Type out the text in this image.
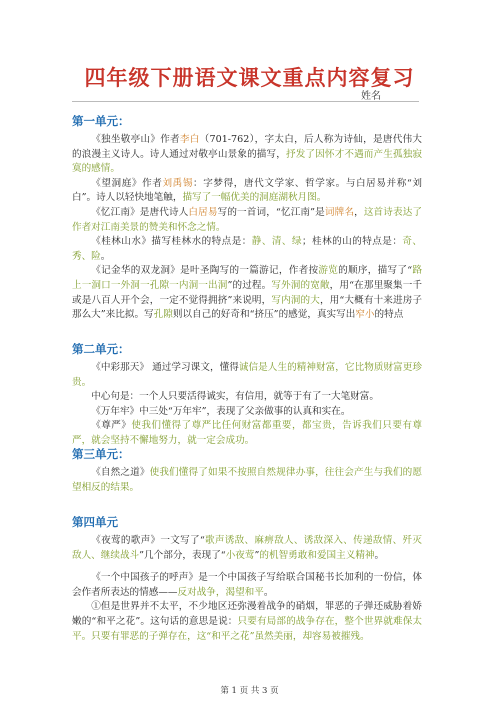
四年级下册语文课文重点内容复习
姓名
第一单元：

《独坐敬亭山》作者李白（701-762），字太白，后人称为诗仙，是唐代伟大的浪漫主义诗人。诗人通过对敬亭山景象的描写，抒发了因怀才不遇而产生孤独寂寞的感情。

《望洞庭》作者刘禹锡：字梦得，唐代文学家、哲学家。与白居易并称“刘白”。诗人以轻快地笔触，描写了一幅优美的洞庭湖秋月图。

《忆江南》是唐代诗人白居易写的一首词，“忆江南”是词牌名，这首诗表达了作者对江南美景的赞美和怀念之情。

《桂林山水》描写桂林水的特点是：静、清、绿；桂林的山的特点是：奇、秀、险。

《记金华的双龙洞》是叶圣陶写的一篇游记，作者按游览的顺序，描写了“路上一洞口一外洞一孔隙一内洞一出洞”的过程。写外洞的宽敞，用“在那里聚集一千或是八百人开个会，一定不觉得拥挤”来说明，写内洞的大，用“大概有十来进房子那么大”来比拟。写孔隙则以自己的好奇和“挤压”的感觉，真实写出窄小的特点

第二单元：

《中彩那天》 通过学习课文，懂得诚信是人生的精神财富，它比物质财富更珍贵。

中心句是：一个人只要活得诚实，有信用，就等于有了一大笔财富。

《万年牢》中三处“万年牢”，表现了父亲做事的认真和实在。

《尊严》使我们懂得了尊严比任何财富都重要，都宝贵，告诉我们只要有尊严，就会坚持不懈地努力，就一定会成功。

第三单元：

《自然之道》使我们懂得了如果不按照自然规律办事，往往会产生与我们的愿望相反的结果。

第四单元

《夜莺的歌声》一文写了“歌声诱敌、麻痹敌人、诱敌深入、传递敌情、歼灭敌人、继续战斗”几个部分，表现了“小夜莺”的机智勇敢和爱国主义精神。

《一个中国孩子的呼声》是一个中国孩子写给联合国秘书长加利的一份信，体会作者所表达的情感——反对战争，渴望和平。

①但是世界并不太平，不少地区还弥漫着战争的硝烟，罪恶的子弹还威胁着娇嫩的“和平之花”。这句话的意思是说：只要有局部的战争存在，整个世界就难保太平。只要有罪恶的子弹存在，这“和平之花”虽然美丽，却容易被摧残。

第 1 页 共 3 页
